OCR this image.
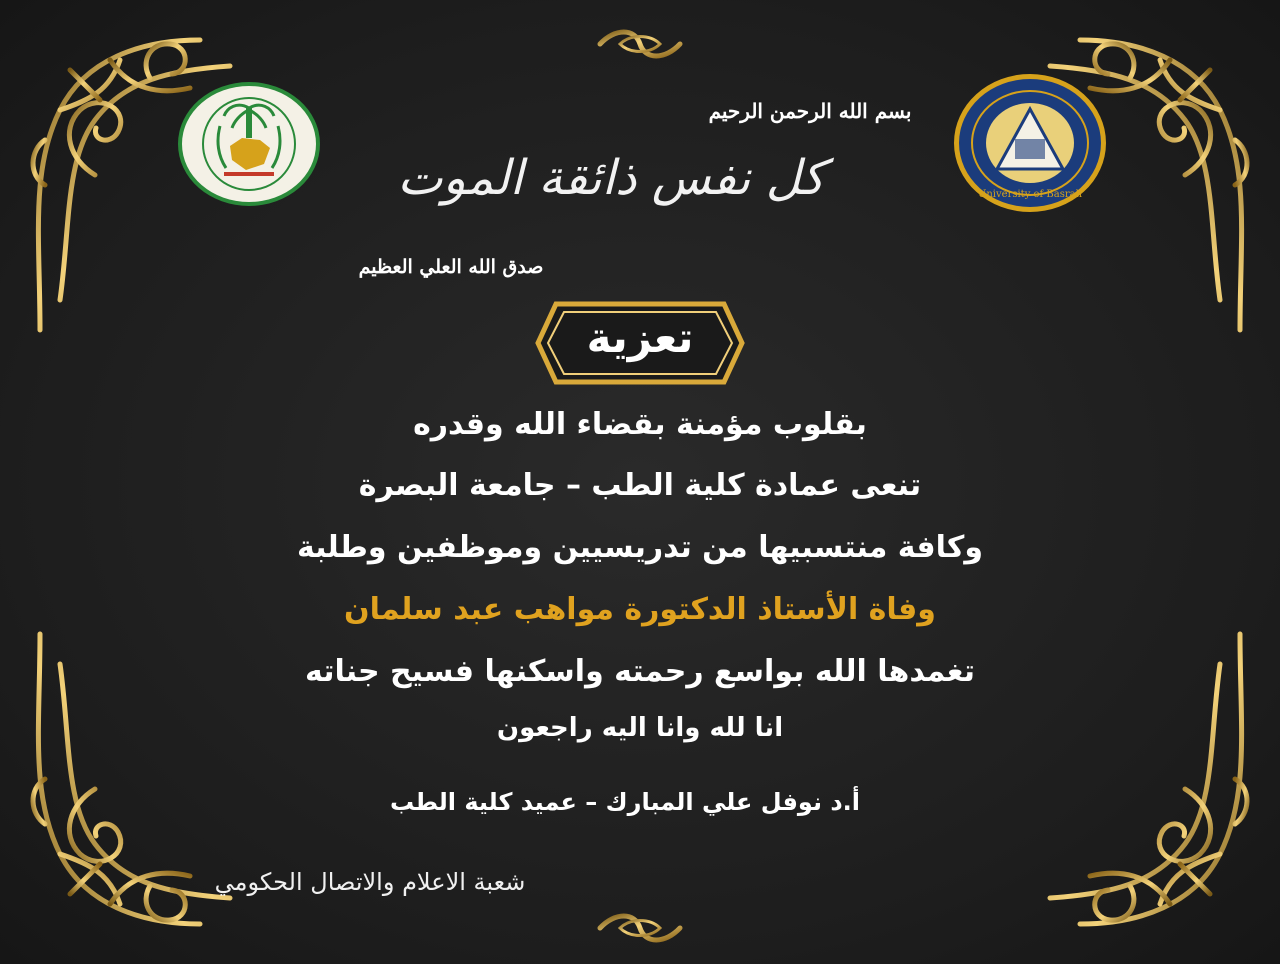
University of Basrah
بسم الله الرحمن الرحيم
كل نفس ذائقة الموت
صدق الله العلي العظيم
تعزية
بقلوب مؤمنة بقضاء الله وقدره
تنعى عمادة كلية الطب – جامعة البصرة
وكافة منتسبيها من تدريسيين وموظفين وطلبة
وفاة الأستاذ الدكتورة مواهب عبد سلمان
تغمدها الله بواسع رحمته واسكنها فسيح جناته
انا لله وانا اليه راجعون
أ.د نوفل علي المبارك – عميد كلية الطب
شعبة الاعلام والاتصال الحكومي
